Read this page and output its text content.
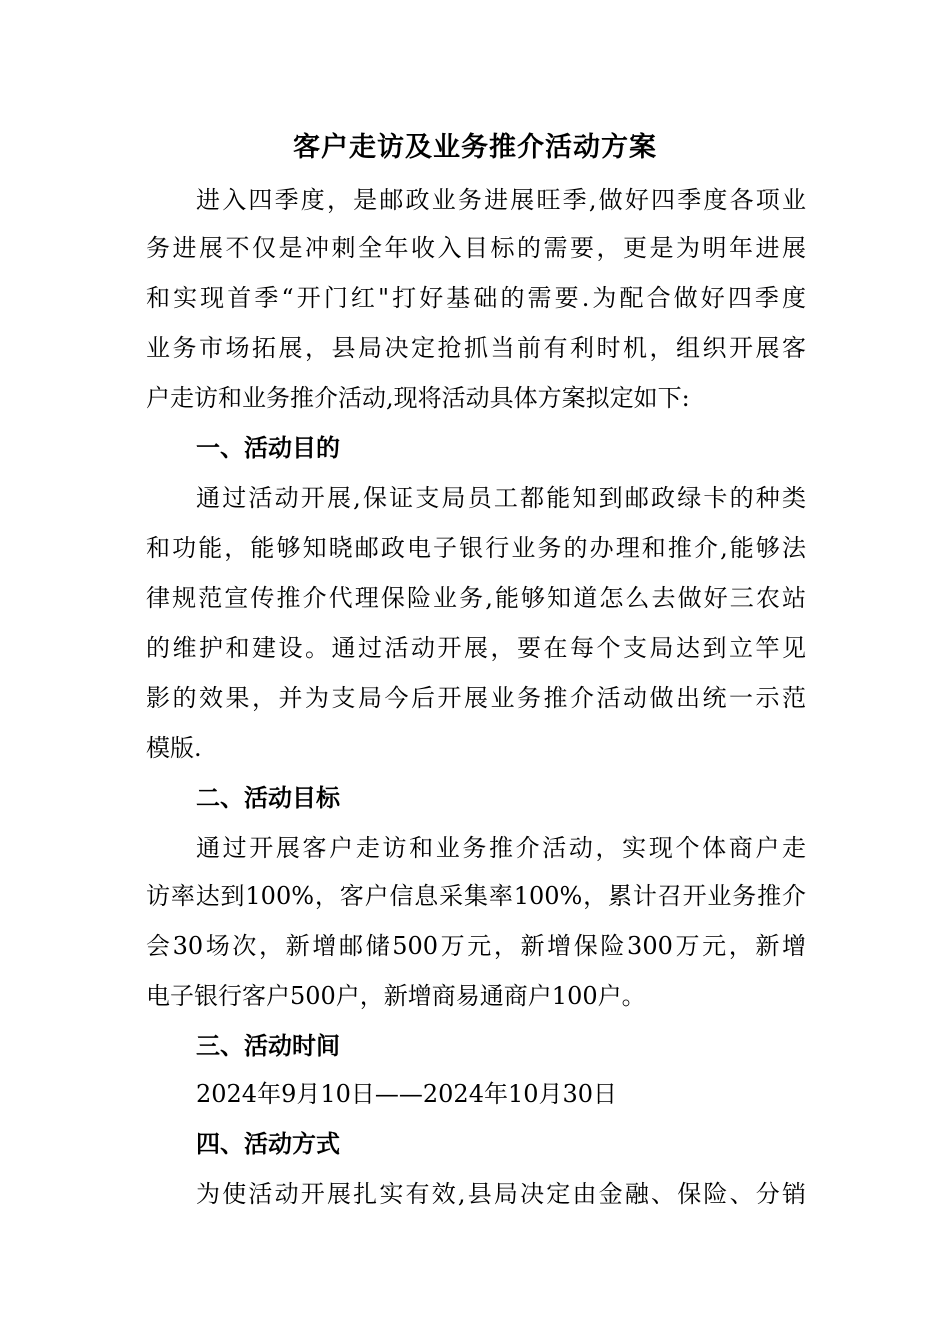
客户走访及业务推介活动方案
进入四季度，是邮政业务进展旺季,做好四季度各项业
务进展不仅是冲刺全年收入目标的需要，更是为明年进展
和实现首季“开门红"打好基础的需要.为配合做好四季度
业务市场拓展，县局决定抢抓当前有利时机，组织开展客
户走访和业务推介活动,现将活动具体方案拟定如下:
一、活动目的
通过活动开展,保证支局员工都能知到邮政绿卡的种类
和功能，能够知晓邮政电子银行业务的办理和推介,能够法
律规范宣传推介代理保险业务,能够知道怎么去做好三农站
的维护和建设。通过活动开展，要在每个支局达到立竿见
影的效果，并为支局今后开展业务推介活动做出统一示范
模版.
二、活动目标
通过开展客户走访和业务推介活动，实现个体商户走
访率达到100%，客户信息采集率100%，累计召开业务推介
会30场次，新增邮储500万元，新增保险300万元，新增
电子银行客户500户，新增商易通商户100户。
三、活动时间
2024年9月10日——2024年10月30日
四、活动方式
为使活动开展扎实有效,县局决定由金融、保险、分销
